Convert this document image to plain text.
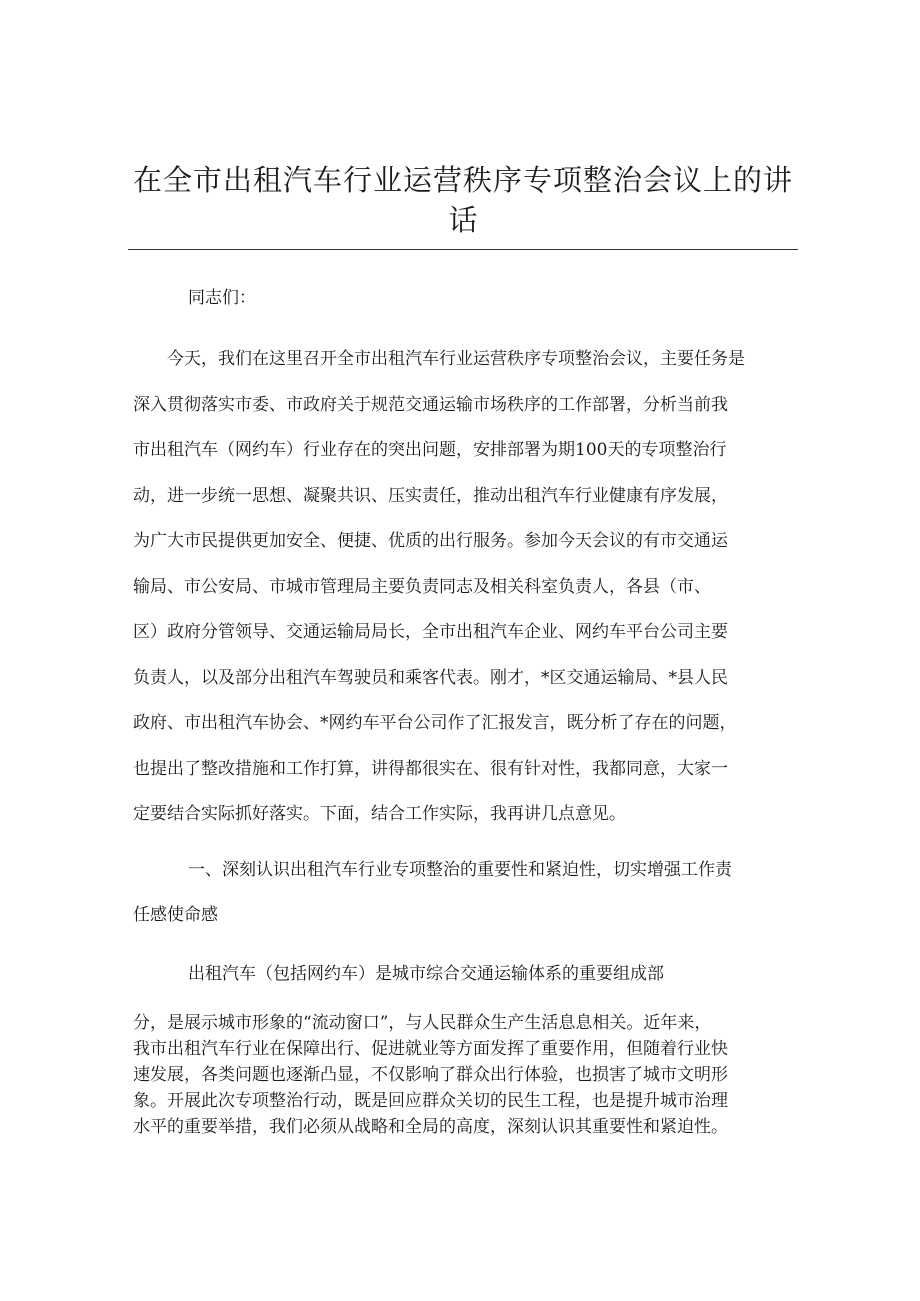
在全市出租汽车行业运营秩序专项整治会议上的讲
话
同志们：
今天，我们在这里召开全市出租汽车行业运营秩序专项整治会议，主要任务是
深入贯彻落实市委、市政府关于规范交通运输市场秩序的工作部署，分析当前我
市出租汽车（网约车）行业存在的突出问题，安排部署为期100天的专项整治行
动，进一步统一思想、凝聚共识、压实责任，推动出租汽车行业健康有序发展，
为广大市民提供更加安全、便捷、优质的出行服务。参加今天会议的有市交通运
输局、市公安局、市城市管理局主要负责同志及相关科室负责人，各县（市、
区）政府分管领导、交通运输局局长，全市出租汽车企业、网约车平台公司主要
负责人，以及部分出租汽车驾驶员和乘客代表。刚才，*区交通运输局、*县人民
政府、市出租汽车协会、*网约车平台公司作了汇报发言，既分析了存在的问题，
也提出了整改措施和工作打算，讲得都很实在、很有针对性，我都同意，大家一
定要结合实际抓好落实。下面，结合工作实际，我再讲几点意见。
一、深刻认识出租汽车行业专项整治的重要性和紧迫性，切实增强工作责
任感使命感
出租汽车（包括网约车）是城市综合交通运输体系的重要组成部
分，是展示城市形象的“流动窗口”，与人民群众生产生活息息相关。近年来，
我市出租汽车行业在保障出行、促进就业等方面发挥了重要作用，但随着行业快
速发展，各类问题也逐渐凸显，不仅影响了群众出行体验，也损害了城市文明形
象。开展此次专项整治行动，既是回应群众关切的民生工程，也是提升城市治理
水平的重要举措，我们必须从战略和全局的高度，深刻认识其重要性和紧迫性。
